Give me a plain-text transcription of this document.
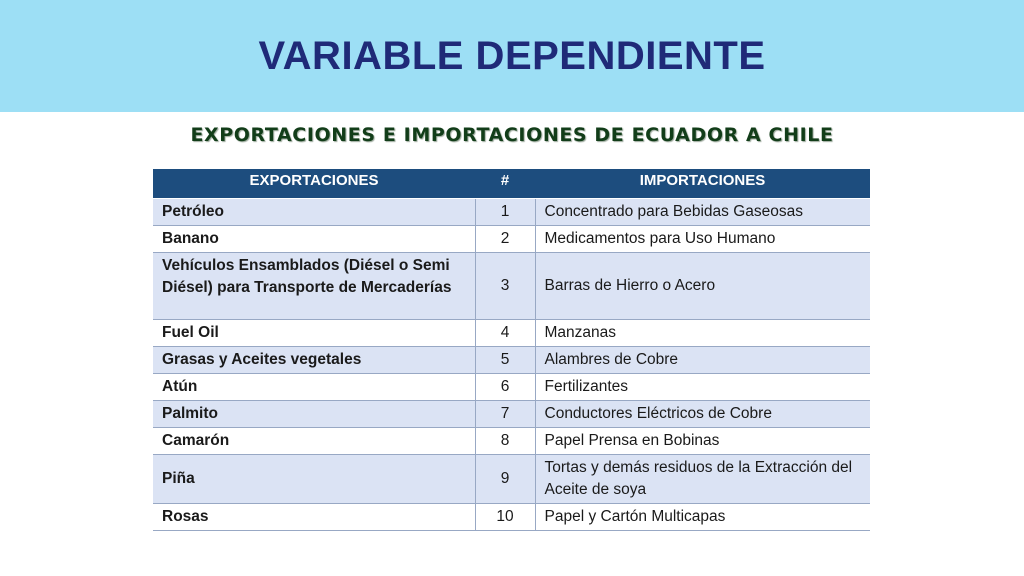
VARIABLE DEPENDIENTE
EXPORTACIONES E IMPORTACIONES DE ECUADOR A CHILE
EXPORTACIONES	#	IMPORTACIONES
Petróleo	1	Concentrado para Bebidas Gaseosas
Banano	2	Medicamentos para Uso Humano
Vehículos Ensamblados (Diésel o Semi Diésel) para Transporte de Mercaderías	3	Barras de Hierro o Acero
Fuel Oil	4	Manzanas
Grasas y Aceites vegetales	5	Alambres de Cobre
Atún	6	Fertilizantes
Palmito	7	Conductores Eléctricos de Cobre
Camarón	8	Papel Prensa en Bobinas
Piña	9	Tortas y demás residuos de la Extracción del Aceite de soya
Rosas	10	Papel y Cartón Multicapas
